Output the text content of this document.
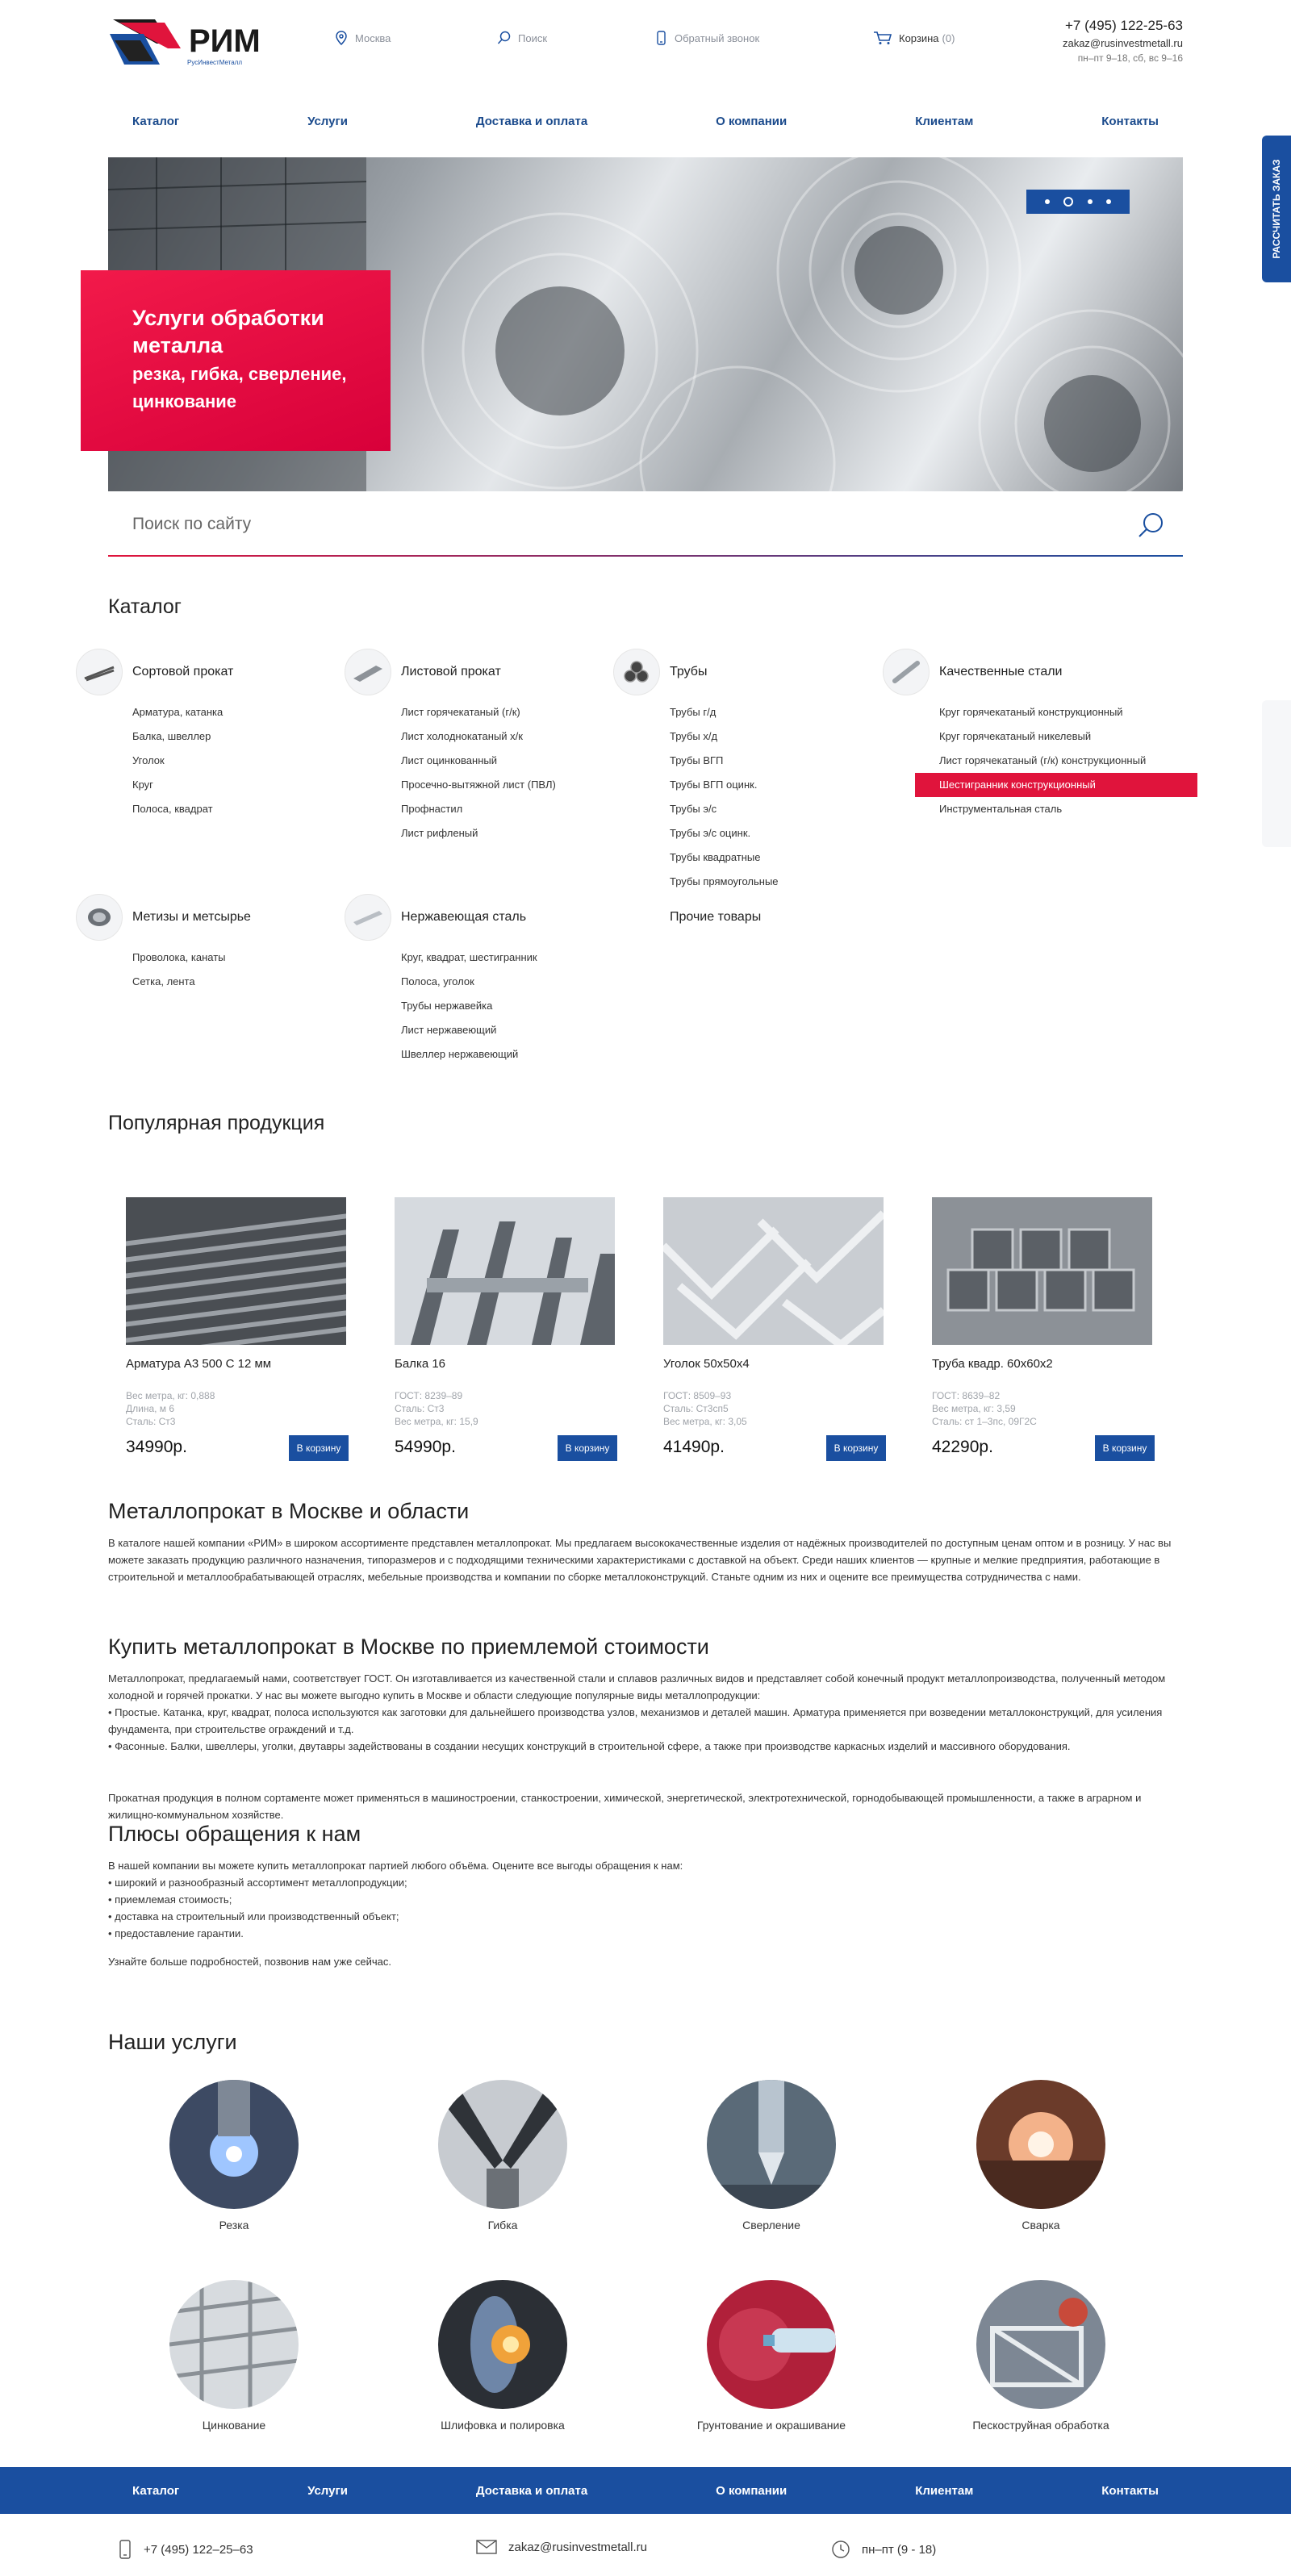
РИМ
РусИнвестМеталл
Москва	Поиск	Обратный звонок	Корзина (0)
+7 (495) 122-25-63
zakaz@rusinvestmetall.ru
пн–пт 9–18, сб, вс 9–16
Каталог	Услуги	Доставка и оплата	О компании	Клиентам	Контакты
РАССЧИТАТЬ ЗАКАЗ
Услуги обработки металла
резка, гибка, сверление, цинкование
Поиск по сайту
Каталог
Сортовой прокат
Арматура, катанка
Балка, швеллер
Уголок
Круг
Полоса, квадрат
Листовой прокат
Лист горячекатаный (г/к)
Лист холоднокатаный х/к
Лист оцинкованный
Просечно-вытяжной лист (ПВЛ)
Профнастил
Лист рифленый
Трубы
Трубы г/д
Трубы х/д
Трубы ВГП
Трубы ВГП оцинк.
Трубы э/с
Трубы э/с оцинк.
Трубы квадратные
Трубы прямоугольные
Качественные стали
Круг горячекатаный конструкционный
Круг горячекатаный никелевый
Лист горячекатаный (г/к) конструкционный
Шестигранник конструкционный
Инструментальная сталь
Метизы и метсырье
Проволока, канаты
Сетка, лента
Нержавеющая сталь
Круг, квадрат, шестигранник
Полоса, уголок
Трубы нержавейка
Лист нержавеющий
Швеллер нержавеющий
Прочие товары
Популярная продукция
Арматура А3 500 С 12 мм
Вес метра, кг: 0,888
Длина, м 6
Сталь: Ст3
34990р.	В корзину
Балка 16
ГОСТ: 8239–89
Сталь: Ст3
Вес метра, кг: 15,9
54990р.	В корзину
Уголок 50х50х4
ГОСТ: 8509–93
Сталь: Ст3сп5
Вес метра, кг: 3,05
41490р.	В корзину
Труба квадр. 60х60х2
ГОСТ: 8639–82
Вес метра, кг: 3,59
Сталь: ст 1–3пс, 09Г2С
42290р.	В корзину
Металлопрокат в Москве и области
В каталоге нашей компании «РИМ» в широком ассортименте представлен металлопрокат. Мы предлагаем высококачественные изделия от надёжных производителей по доступным ценам оптом и в розницу. У нас вы можете заказать продукцию различного назначения, типоразмеров и с подходящими техническими характеристиками с доставкой на объект. Среди наших клиентов — крупные и мелкие предприятия, работающие в строительной и металлообрабатывающей отраслях, мебельные производства и компании по сборке металлоконструкций. Станьте одним из них и оцените все преимущества сотрудничества с нами.
Купить металлопрокат в Москве по приемлемой стоимости
Металлопрокат, предлагаемый нами, соответствует ГОСТ. Он изготавливается из качественной стали и сплавов различных видов и представляет собой конечный продукт металлопроизводства, полученный методом холодной и горячей прокатки. У нас вы можете выгодно купить в Москве и области следующие популярные виды металлопродукции:
• Простые. Катанка, круг, квадрат, полоса используются как заготовки для дальнейшего производства узлов, механизмов и деталей машин. Арматура применяется при возведении металлоконструкций, для усиления фундамента, при строительстве ограждений и т.д.
• Фасонные. Балки, швеллеры, уголки, двутавры задействованы в создании несущих конструкций в строительной сфере, а также при производстве каркасных изделий и массивного оборудования.
Прокатная продукция в полном сортаменте может применяться в машиностроении, станкостроении, химической, энергетической, электротехнической, горнодобывающей промышленности, а также в аграрном и жилищно-коммунальном хозяйстве.
Плюсы обращения к нам
В нашей компании вы можете купить металлопрокат партией любого объёма. Оцените все выгоды обращения к нам:
• широкий и разнообразный ассортимент металлопродукции;
• приемлемая стоимость;
• доставка на строительный или производственный объект;
• предоставление гарантии.
Узнайте больше подробностей, позвонив нам уже сейчас.
Наши услуги
Резка	Гибка	Сверление	Сварка
Цинкование	Шлифовка и полировка	Грунтование и окрашивание	Пескоструйная обработка
Каталог	Услуги	Доставка и оплата	О компании	Клиентам	Контакты
+7 (495) 122–25–63	zakaz@rusinvestmetall.ru	пн–пт (9 - 18)
